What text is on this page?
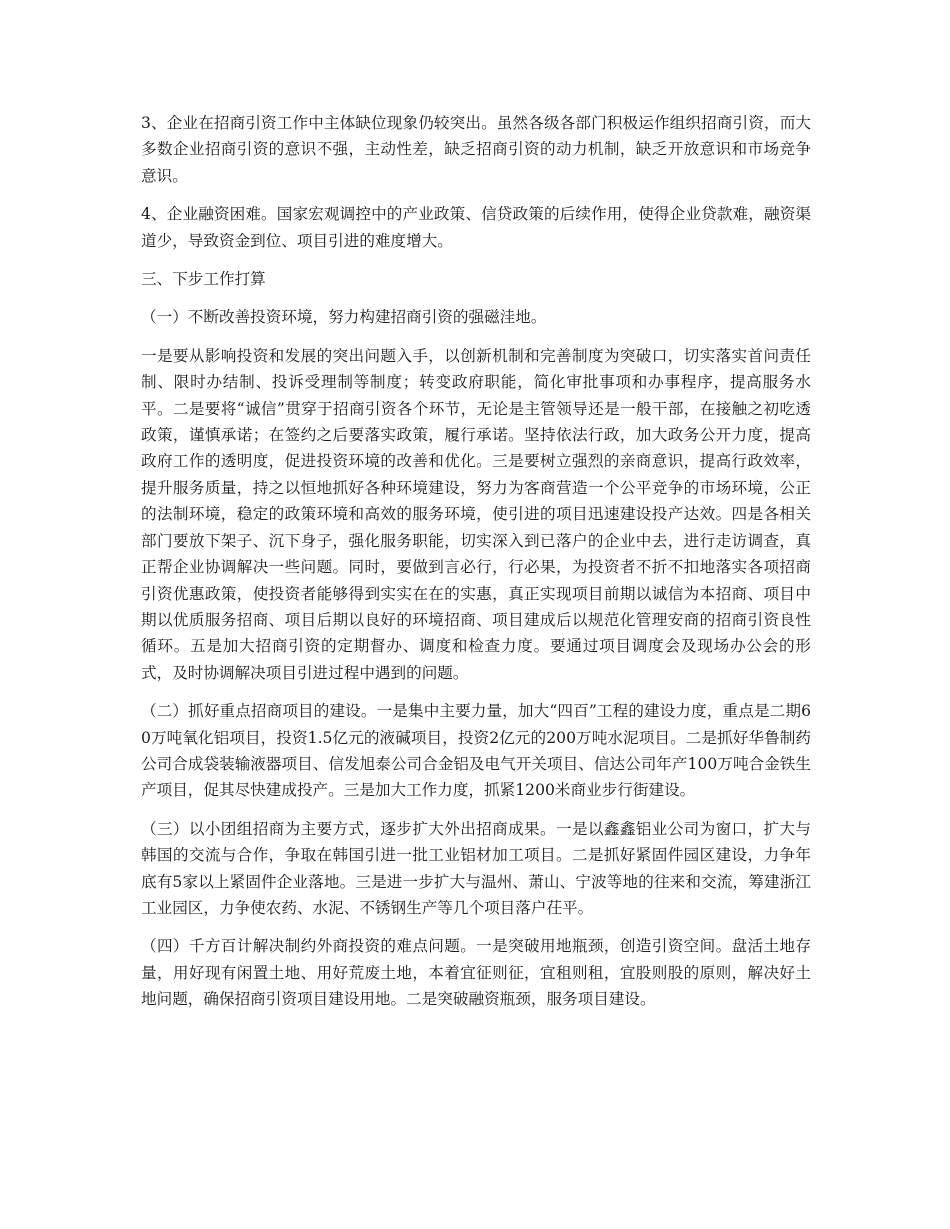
3、企业在招商引资工作中主体缺位现象仍较突出。虽然各级各部门积极运作组织招商引资，而大多数企业招商引资的意识不强，主动性差，缺乏招商引资的动力机制，缺乏开放意识和市场竞争意识。

4、企业融资困难。国家宏观调控中的产业政策、信贷政策的后续作用，使得企业贷款难，融资渠道少，导致资金到位、项目引进的难度增大。

三、下步工作打算

（一）不断改善投资环境，努力构建招商引资的强磁洼地。

一是要从影响投资和发展的突出问题入手，以创新机制和完善制度为突破口，切实落实首问责任制、限时办结制、投诉受理制等制度；转变政府职能，简化审批事项和办事程序，提高服务水平。二是要将“诚信”贯穿于招商引资各个环节，无论是主管领导还是一般干部，在接触之初吃透政策，谨慎承诺；在签约之后要落实政策，履行承诺。坚持依法行政，加大政务公开力度，提高政府工作的透明度，促进投资环境的改善和优化。三是要树立强烈的亲商意识，提高行政效率，提升服务质量，持之以恒地抓好各种环境建设，努力为客商营造一个公平竞争的市场环境，公正的法制环境，稳定的政策环境和高效的服务环境，使引进的项目迅速建设投产达效。四是各相关部门要放下架子、沉下身子，强化服务职能，切实深入到已落户的企业中去，进行走访调查，真正帮企业协调解决一些问题。同时，要做到言必行，行必果，为投资者不折不扣地落实各项招商引资优惠政策，使投资者能够得到实实在在的实惠，真正实现项目前期以诚信为本招商、项目中期以优质服务招商、项目后期以良好的环境招商、项目建成后以规范化管理安商的招商引资良性循环。五是加大招商引资的定期督办、调度和检查力度。要通过项目调度会及现场办公会的形式，及时协调解决项目引进过程中遇到的问题。

（二）抓好重点招商项目的建设。一是集中主要力量，加大“四百”工程的建设力度，重点是二期60万吨氧化铝项目，投资1.5亿元的液碱项目，投资2亿元的200万吨水泥项目。二是抓好华鲁制药公司合成袋装输液器项目、信发旭泰公司合金铝及电气开关项目、信达公司年产100万吨合金铁生产项目，促其尽快建成投产。三是加大工作力度，抓紧1200米商业步行街建设。

（三）以小团组招商为主要方式，逐步扩大外出招商成果。一是以鑫鑫铝业公司为窗口，扩大与韩国的交流与合作，争取在韩国引进一批工业铝材加工项目。二是抓好紧固件园区建设，力争年底有5家以上紧固件企业落地。三是进一步扩大与温州、萧山、宁波等地的往来和交流，筹建浙江工业园区，力争使农药、水泥、不锈钢生产等几个项目落户茌平。

（四）千方百计解决制约外商投资的难点问题。一是突破用地瓶颈，创造引资空间。盘活土地存量，用好现有闲置土地、用好荒废土地，本着宜征则征，宜租则租，宜股则股的原则，解决好土地问题，确保招商引资项目建设用地。二是突破融资瓶颈，服务项目建设。
